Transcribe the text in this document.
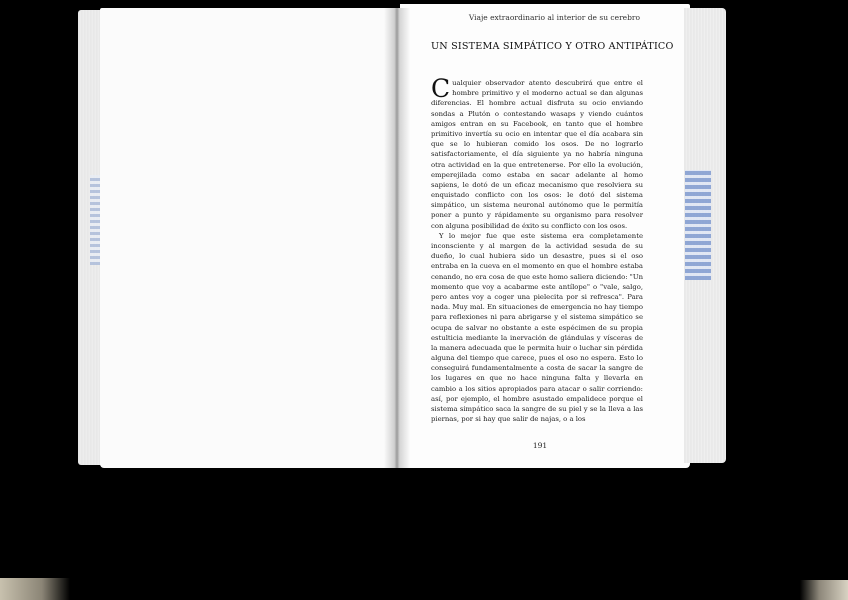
Viaje extraordinario al interior de su cerebro
UN SISTEMA SIMPÁTICO Y OTRO ANTIPÁTICO

Cualquier observador atento descubrirá que entre el hombre primitivo y el moderno actual se dan algunas diferencias. El hombre actual disfruta su ocio enviando sondas a Plutón o contestando wasaps y viendo cuántos amigos entran en su Facebook, en tanto que el hombre primitivo invertía su ocio en intentar que el día acabara sin que se lo hubieran comido los osos. De no lograrlo satisfactoriamente, el día siguiente ya no habría ninguna otra actividad en la que entretenerse. Por ello la evolución, emperejilada como estaba en sacar adelante al homo sapiens, le dotó de un eficaz mecanismo que resolviera su enquistado conflicto con los osos: le dotó del sistema simpático, un sistema neuronal autónomo que le permitía poner a punto y rápidamente su organismo para resolver con alguna posibilidad de éxito su conflicto con los osos.

Y lo mejor fue que este sistema era completamente inconsciente y al margen de la actividad sesuda de su dueño, lo cual hubiera sido un desastre, pues si el oso entraba en la cueva en el momento en que el hombre estaba cenando, no era cosa de que este homo saliera diciendo: "Un momento que voy a acabarme este antílope" o "vale, salgo, pero antes voy a coger una pielecita por si refresca". Para nada. Muy mal. En situaciones de emergencia no hay tiempo para reflexiones ni para abrigarse y el sistema simpático se ocupa de salvar no obstante a este espécimen de su propia estulticia mediante la inervación de glándulas y vísceras de la manera adecuada que le permita huir o luchar sin pérdida alguna del tiempo que carece, pues el oso no espera. Esto lo conseguirá fundamentalmente a costa de sacar la sangre de los lugares en que no hace ninguna falta y llevarla en cambio a los sitios apropiados para atacar o salir corriendo: así, por ejemplo, el hombre asustado empalidece porque el sistema simpático saca la sangre de su piel y se la lleva a las piernas, por si hay que salir de najas, o a los

191
